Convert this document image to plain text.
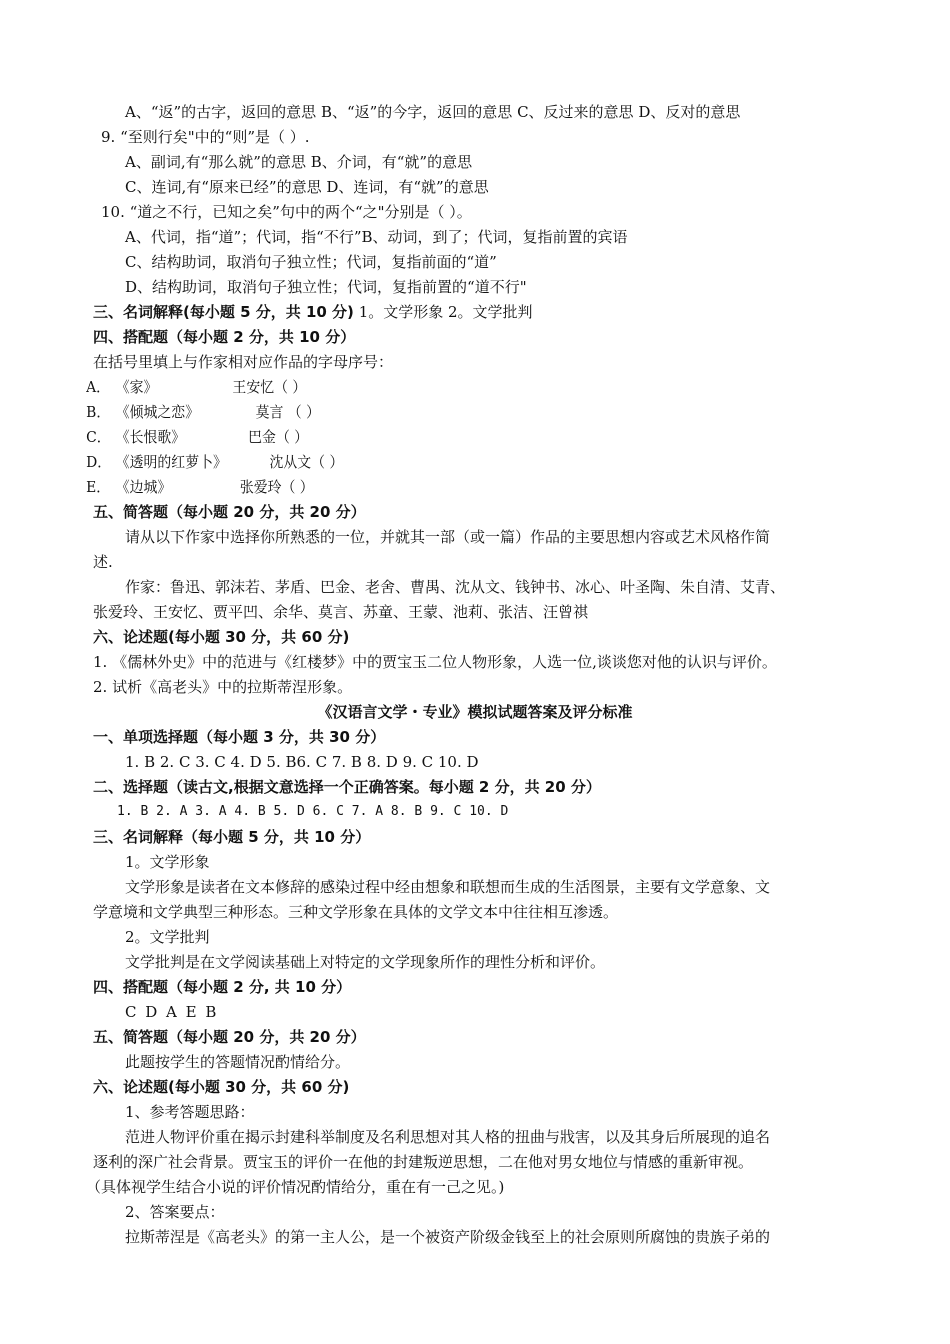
A、“返”的古字，返回的意思 B、“返”的今字，返回的意思 C、反过来的意思 D、反对的意思
9. “至则行矣"中的“则”是（ ）.
A、副词,有“那么就”的意思 B、介词，有“就”的意思
C、连词,有“原来已经”的意思 D、连词，有“就”的意思
10. “道之不行，已知之矣”句中的两个“之"分别是（ ）。
A、代词，指“道”；代词，指“不行”B、动词，到了；代词，复指前置的宾语
C、结构助词，取消句子独立性；代词，复指前面的“道”
D、结构助词，取消句子独立性；代词，复指前置的“道不行"
三、名词解释(每小题 5 分，共 10 分) 1。文学形象 2。文学批判
四、搭配题（每小题 2 分，共 10 分）
在括号里填上与作家相对应作品的字母序号：
A． 《家》	王安忆（ ）
B． 《倾城之恋》	莫言 （ ）
C． 《长恨歌》	巴金（ ）
D． 《透明的红萝卜》	沈从文（ ）
E． 《边城》	张爱玲（ ）
五、简答题（每小题 20 分，共 20 分）
请从以下作家中选择你所熟悉的一位，并就其一部（或一篇）作品的主要思想内容或艺术风格作简
述.
作家：鲁迅、郭沫若、茅盾、巴金、老舍、曹禺、沈从文、钱钟书、冰心、叶圣陶、朱自清、艾青、
张爱玲、王安忆、贾平凹、余华、莫言、苏童、王蒙、池莉、张洁、汪曾祺
六、论述题(每小题 30 分，共 60 分)
1. 《儒林外史》中的范进与《红楼梦》中的贾宝玉二位人物形象，人选一位,谈谈您对他的认识与评价。
2. 试析《高老头》中的拉斯蒂涅形象。
《汉语言文学・专业》模拟试题答案及评分标准
一、单项选择题（每小题 3 分，共 30 分）
1. B 2. C 3. C 4. D 5. B6. C 7. B 8. D 9. C 10. D
二、选择题（读古文,根据文意选择一个正确答案。每小题 2 分，共 20 分）
1. B 2. A 3. A 4. B 5. D 6. C 7. A 8. B 9. C 10. D
三、名词解释（每小题 5 分，共 10 分）
1。文学形象
文学形象是读者在文本修辞的感染过程中经由想象和联想而生成的生活图景，主要有文学意象、文
学意境和文学典型三种形态。三种文学形象在具体的文学文本中往往相互渗透。
2。文学批判
文学批判是在文学阅读基础上对特定的文学现象所作的理性分析和评价。
四、搭配题（每小题 2 分, 共 10 分）
C D A E B
五、简答题（每小题 20 分，共 20 分）
此题按学生的答题情况酌情给分。
六、论述题(每小题 30 分，共 60 分)
1、参考答题思路：
范进人物评价重在揭示封建科举制度及名利思想对其人格的扭曲与戕害，以及其身后所展现的追名
逐利的深广社会背景。贾宝玉的评价一在他的封建叛逆思想，二在他对男女地位与情感的重新审视。
（具体视学生结合小说的评价情况酌情给分，重在有一己之见。)
2、答案要点：
拉斯蒂涅是《高老头》的第一主人公，是一个被资产阶级金钱至上的社会原则所腐蚀的贵族子弟的
